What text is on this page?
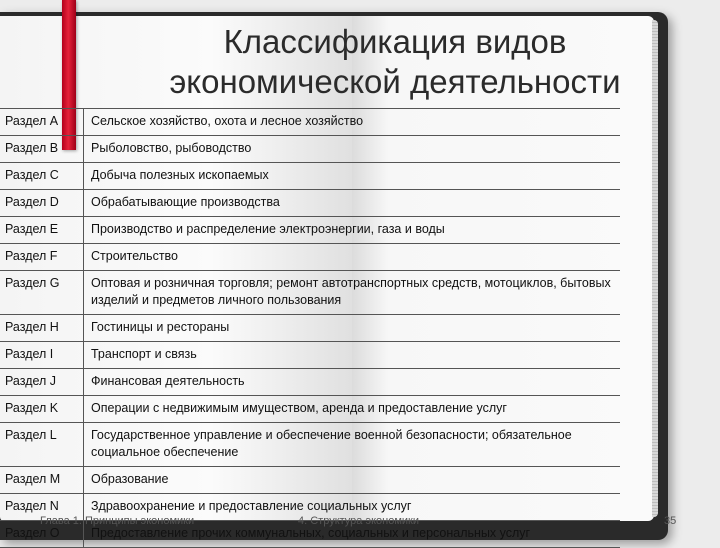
Классификация видов
экономической деятельности
Раздел A	Сельское хозяйство, охота и лесное хозяйство
Раздел B	Рыболовство, рыбоводство
Раздел C	Добыча полезных ископаемых
Раздел D	Обрабатывающие производства
Раздел E	Производство и распределение электроэнергии, газа и воды
Раздел F	Строительство
Раздел G	Оптовая и розничная торговля; ремонт автотранспортных средств, мотоциклов, бытовых изделий и предметов личного пользования
Раздел H	Гостиницы и рестораны
Раздел I	Транспорт и связь
Раздел J	Финансовая деятельность
Раздел K	Операции с недвижимым имуществом, аренда и предоставление услуг
Раздел L	Государственное управление и обеспечение военной безопасности; обязательное социальное обеспечение
Раздел M	Образование
Раздел N	Здравоохранение и предоставление социальных услуг
Раздел O	Предоставление прочих коммунальных, социальных и персональных услуг
Глава 1. Принципы экономики	4. Структура экономики	35
